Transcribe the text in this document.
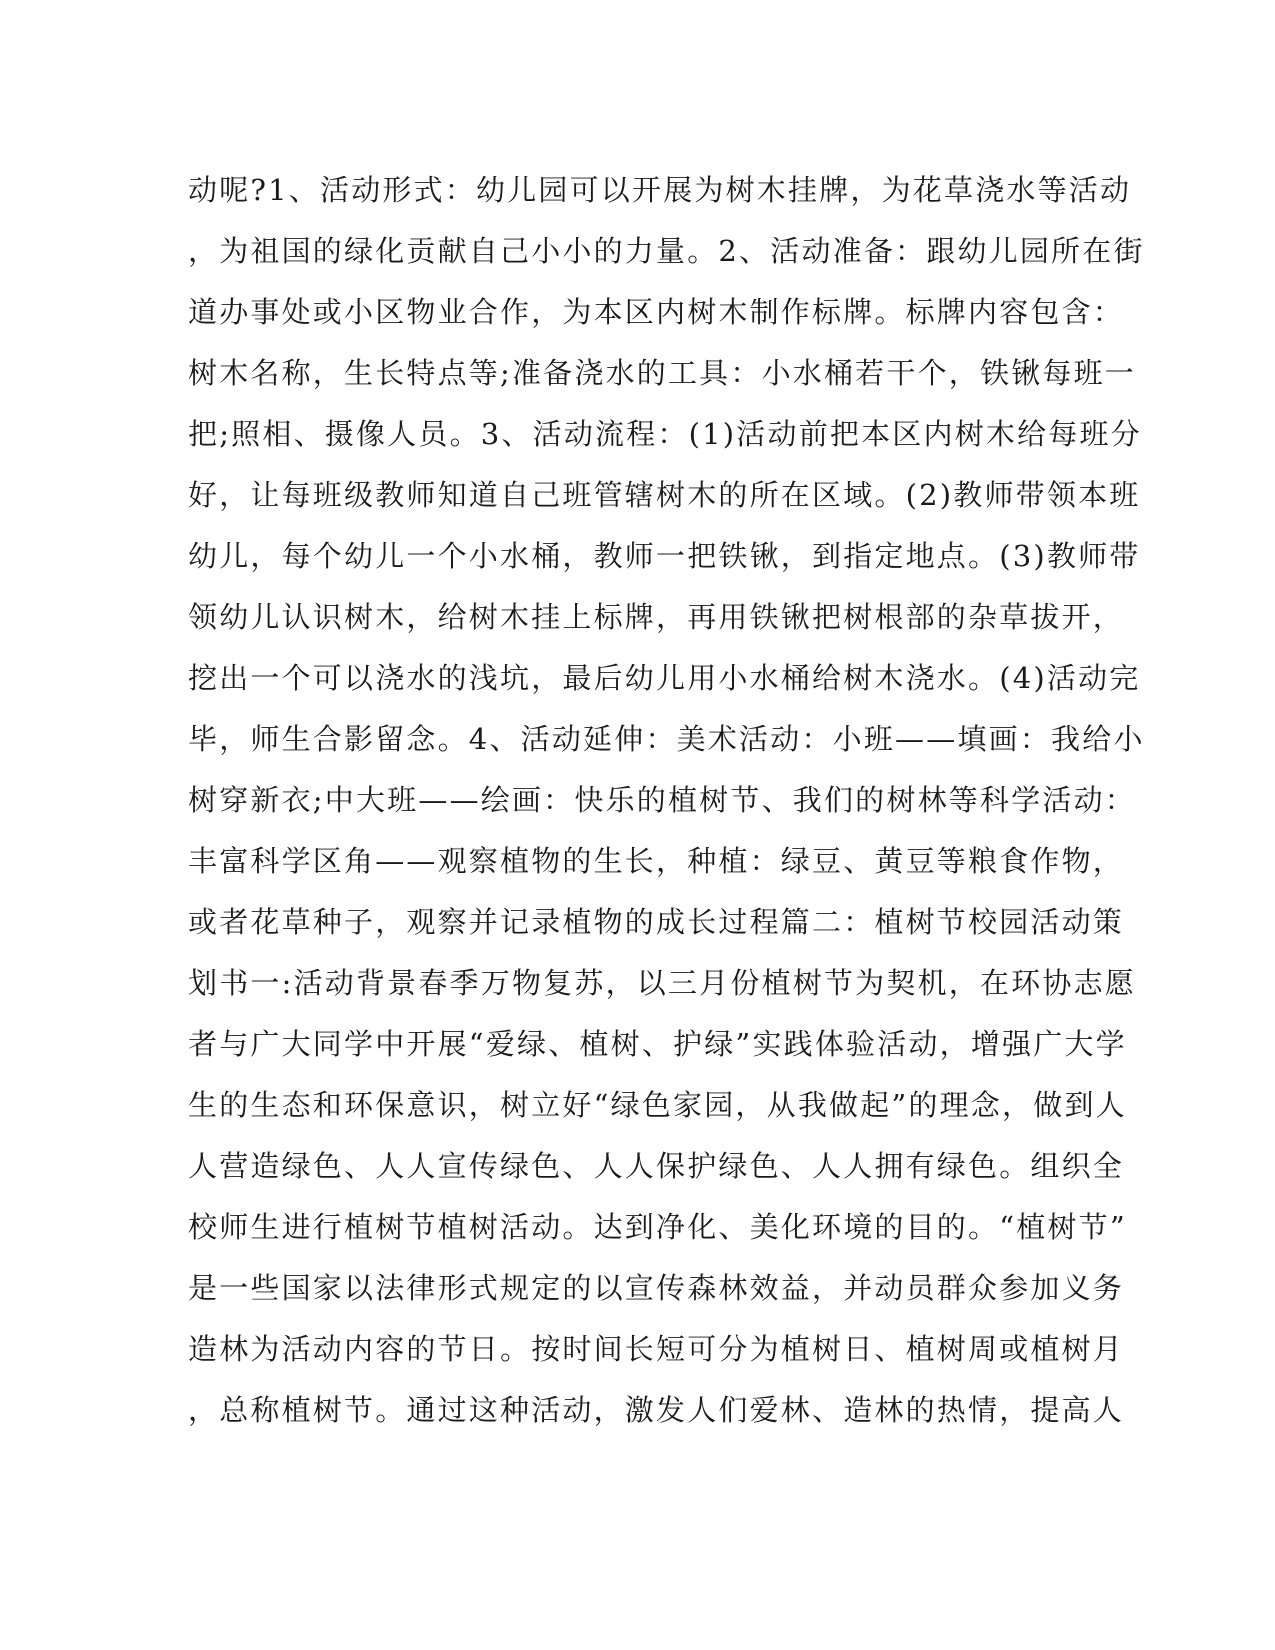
动呢?1、活动形式：幼儿园可以开展为树木挂牌，为花草浇水等活动
，为祖国的绿化贡献自己小小的力量。2、活动准备：跟幼儿园所在街
道办事处或小区物业合作，为本区内树木制作标牌。标牌内容包含：
树木名称，生长特点等;准备浇水的工具：小水桶若干个，铁锹每班一
把;照相、摄像人员。3、活动流程：(1)活动前把本区内树木给每班分
好，让每班级教师知道自己班管辖树木的所在区域。(2)教师带领本班
幼儿，每个幼儿一个小水桶，教师一把铁锹，到指定地点。(3)教师带
领幼儿认识树木，给树木挂上标牌，再用铁锹把树根部的杂草拔开，
挖出一个可以浇水的浅坑，最后幼儿用小水桶给树木浇水。(4)活动完
毕，师生合影留念。4、活动延伸：美术活动：小班——填画：我给小
树穿新衣;中大班——绘画：快乐的植树节、我们的树林等科学活动：
丰富科学区角——观察植物的生长，种植：绿豆、黄豆等粮食作物，
或者花草种子，观察并记录植物的成长过程篇二：植树节校园活动策
划书一:活动背景春季万物复苏，以三月份植树节为契机，在环协志愿
者与广大同学中开展“爱绿、植树、护绿”实践体验活动，增强广大学
生的生态和环保意识，树立好“绿色家园，从我做起”的理念，做到人
人营造绿色、人人宣传绿色、人人保护绿色、人人拥有绿色。组织全
校师生进行植树节植树活动。达到净化、美化环境的目的。“植树节”
是一些国家以法律形式规定的以宣传森林效益，并动员群众参加义务
造林为活动内容的节日。按时间长短可分为植树日、植树周或植树月
，总称植树节。通过这种活动，激发人们爱林、造林的热情，提高人
